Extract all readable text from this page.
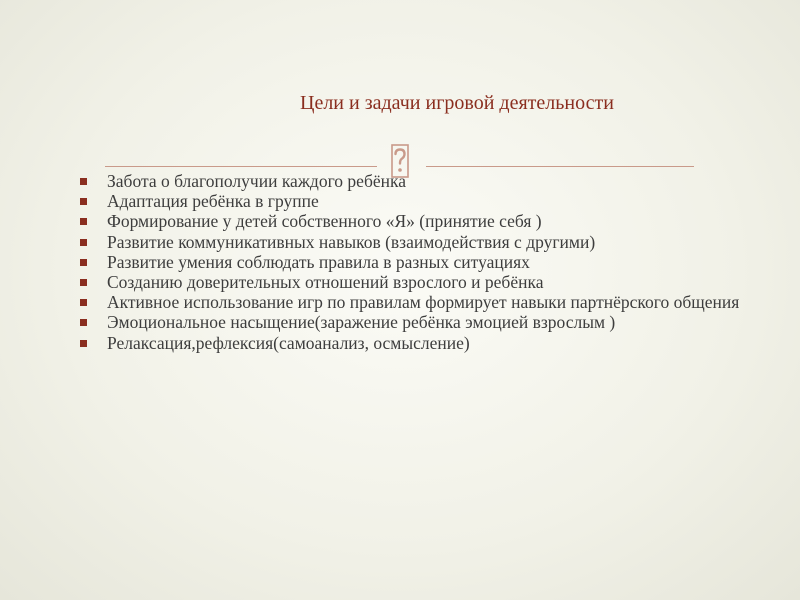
Цели и задачи игровой деятельности
Забота о благополучии каждого ребёнка
Адаптация ребёнка в группе
Формирование у детей собственного «Я» (принятие себя )
Развитие коммуникативных навыков (взаимодействия с другими)
Развитие умения соблюдать правила в разных ситуациях
Созданию доверительных отношений взрослого и ребёнка
Активное использование игр по правилам формирует навыки партнёрского общения
Эмоциональное насыщение(заражение ребёнка эмоцией взрослым )
Релаксация,рефлексия(самоанализ, осмысление)
